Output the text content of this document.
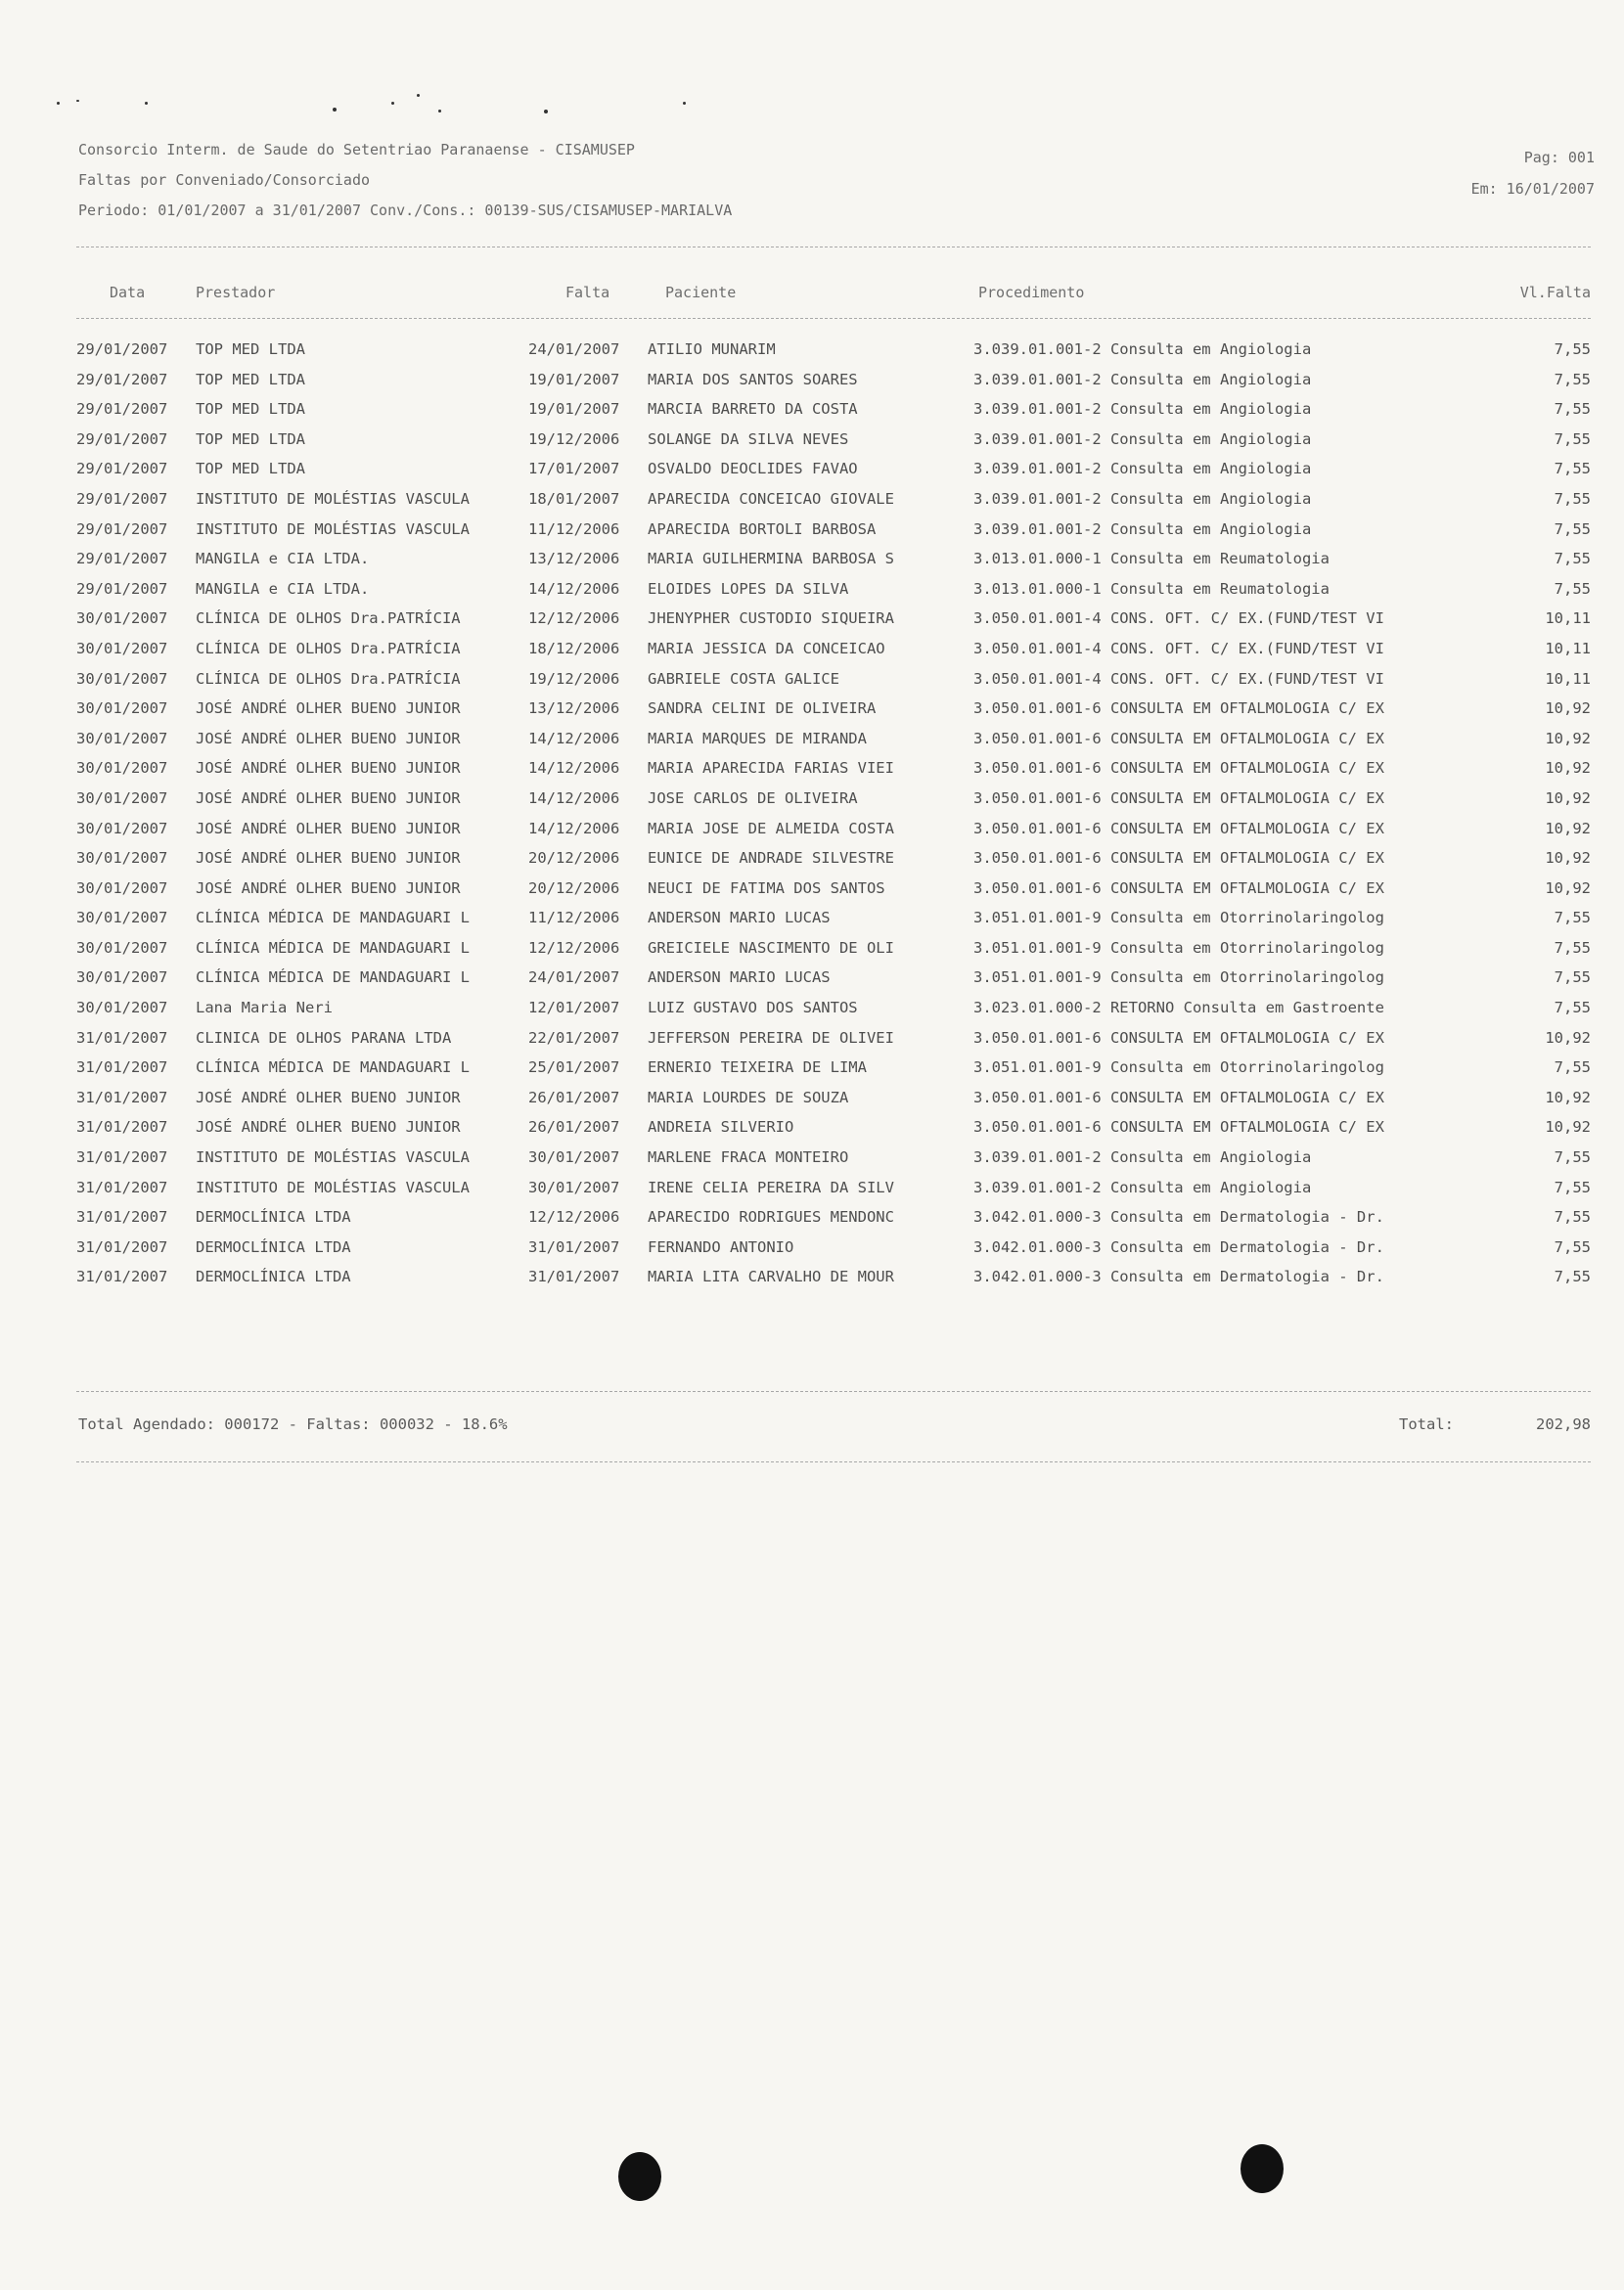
Consorcio Interm. de Saude do Setentriao Paranaense - CISAMUSEP
Faltas por Conveniado/Consorciado
Periodo: 01/01/2007 a 31/01/2007 Conv./Cons.: 00139-SUS/CISAMUSEP-MARIALVA
Pag: 001
Em: 16/01/2007
Data	Prestador	Falta	Paciente	Procedimento	Vl.Falta
29/01/2007	TOP MED LTDA	24/01/2007	ATILIO MUNARIM	3.039.01.001-2 Consulta em Angiologia	7,55
29/01/2007	TOP MED LTDA	19/01/2007	MARIA DOS SANTOS SOARES	3.039.01.001-2 Consulta em Angiologia	7,55
29/01/2007	TOP MED LTDA	19/01/2007	MARCIA BARRETO DA COSTA	3.039.01.001-2 Consulta em Angiologia	7,55
29/01/2007	TOP MED LTDA	19/12/2006	SOLANGE DA SILVA NEVES	3.039.01.001-2 Consulta em Angiologia	7,55
29/01/2007	TOP MED LTDA	17/01/2007	OSVALDO DEOCLIDES FAVAO	3.039.01.001-2 Consulta em Angiologia	7,55
29/01/2007	INSTITUTO DE MOLÉSTIAS VASCULA	18/01/2007	APARECIDA CONCEICAO GIOVALE	3.039.01.001-2 Consulta em Angiologia	7,55
29/01/2007	INSTITUTO DE MOLÉSTIAS VASCULA	11/12/2006	APARECIDA BORTOLI BARBOSA	3.039.01.001-2 Consulta em Angiologia	7,55
29/01/2007	MANGILA e CIA LTDA.	13/12/2006	MARIA GUILHERMINA BARBOSA S	3.013.01.000-1 Consulta em Reumatologia	7,55
29/01/2007	MANGILA e CIA LTDA.	14/12/2006	ELOIDES LOPES DA SILVA	3.013.01.000-1 Consulta em Reumatologia	7,55
30/01/2007	CLÍNICA DE OLHOS Dra.PATRÍCIA	12/12/2006	JHENYPHER CUSTODIO SIQUEIRA	3.050.01.001-4 CONS. OFT. C/ EX.(FUND/TEST VI	10,11
30/01/2007	CLÍNICA DE OLHOS Dra.PATRÍCIA	18/12/2006	MARIA JESSICA DA CONCEICAO	3.050.01.001-4 CONS. OFT. C/ EX.(FUND/TEST VI	10,11
30/01/2007	CLÍNICA DE OLHOS Dra.PATRÍCIA	19/12/2006	GABRIELE COSTA GALICE	3.050.01.001-4 CONS. OFT. C/ EX.(FUND/TEST VI	10,11
30/01/2007	JOSÉ ANDRÉ OLHER BUENO JUNIOR	13/12/2006	SANDRA CELINI DE OLIVEIRA	3.050.01.001-6 CONSULTA EM OFTALMOLOGIA C/ EX	10,92
30/01/2007	JOSÉ ANDRÉ OLHER BUENO JUNIOR	14/12/2006	MARIA MARQUES DE MIRANDA	3.050.01.001-6 CONSULTA EM OFTALMOLOGIA C/ EX	10,92
30/01/2007	JOSÉ ANDRÉ OLHER BUENO JUNIOR	14/12/2006	MARIA APARECIDA FARIAS VIEI	3.050.01.001-6 CONSULTA EM OFTALMOLOGIA C/ EX	10,92
30/01/2007	JOSÉ ANDRÉ OLHER BUENO JUNIOR	14/12/2006	JOSE CARLOS DE OLIVEIRA	3.050.01.001-6 CONSULTA EM OFTALMOLOGIA C/ EX	10,92
30/01/2007	JOSÉ ANDRÉ OLHER BUENO JUNIOR	14/12/2006	MARIA JOSE DE ALMEIDA COSTA	3.050.01.001-6 CONSULTA EM OFTALMOLOGIA C/ EX	10,92
30/01/2007	JOSÉ ANDRÉ OLHER BUENO JUNIOR	20/12/2006	EUNICE DE ANDRADE SILVESTRE	3.050.01.001-6 CONSULTA EM OFTALMOLOGIA C/ EX	10,92
30/01/2007	JOSÉ ANDRÉ OLHER BUENO JUNIOR	20/12/2006	NEUCI DE FATIMA DOS SANTOS	3.050.01.001-6 CONSULTA EM OFTALMOLOGIA C/ EX	10,92
30/01/2007	CLÍNICA MÉDICA DE MANDAGUARI L	11/12/2006	ANDERSON MARIO LUCAS	3.051.01.001-9 Consulta em Otorrinolaringolog	7,55
30/01/2007	CLÍNICA MÉDICA DE MANDAGUARI L	12/12/2006	GREICIELE NASCIMENTO DE OLI	3.051.01.001-9 Consulta em Otorrinolaringolog	7,55
30/01/2007	CLÍNICA MÉDICA DE MANDAGUARI L	24/01/2007	ANDERSON MARIO LUCAS	3.051.01.001-9 Consulta em Otorrinolaringolog	7,55
30/01/2007	Lana Maria Neri	12/01/2007	LUIZ GUSTAVO DOS SANTOS	3.023.01.000-2 RETORNO Consulta em Gastroente	7,55
31/01/2007	CLINICA DE OLHOS PARANA LTDA	22/01/2007	JEFFERSON PEREIRA DE OLIVEI	3.050.01.001-6 CONSULTA EM OFTALMOLOGIA C/ EX	10,92
31/01/2007	CLÍNICA MÉDICA DE MANDAGUARI L	25/01/2007	ERNERIO TEIXEIRA DE LIMA	3.051.01.001-9 Consulta em Otorrinolaringolog	7,55
31/01/2007	JOSÉ ANDRÉ OLHER BUENO JUNIOR	26/01/2007	MARIA LOURDES DE SOUZA	3.050.01.001-6 CONSULTA EM OFTALMOLOGIA C/ EX	10,92
31/01/2007	JOSÉ ANDRÉ OLHER BUENO JUNIOR	26/01/2007	ANDREIA SILVERIO	3.050.01.001-6 CONSULTA EM OFTALMOLOGIA C/ EX	10,92
31/01/2007	INSTITUTO DE MOLÉSTIAS VASCULA	30/01/2007	MARLENE FRACA MONTEIRO	3.039.01.001-2 Consulta em Angiologia	7,55
31/01/2007	INSTITUTO DE MOLÉSTIAS VASCULA	30/01/2007	IRENE CELIA PEREIRA DA SILV	3.039.01.001-2 Consulta em Angiologia	7,55
31/01/2007	DERMOCLÍNICA LTDA	12/12/2006	APARECIDO RODRIGUES MENDONC	3.042.01.000-3 Consulta em Dermatologia - Dr.	7,55
31/01/2007	DERMOCLÍNICA LTDA	31/01/2007	FERNANDO ANTONIO	3.042.01.000-3 Consulta em Dermatologia - Dr.	7,55
31/01/2007	DERMOCLÍNICA LTDA	31/01/2007	MARIA LITA CARVALHO DE MOUR	3.042.01.000-3 Consulta em Dermatologia - Dr.	7,55
Total Agendado: 000172 - Faltas: 000032 - 18.6%	Total:	202,98
